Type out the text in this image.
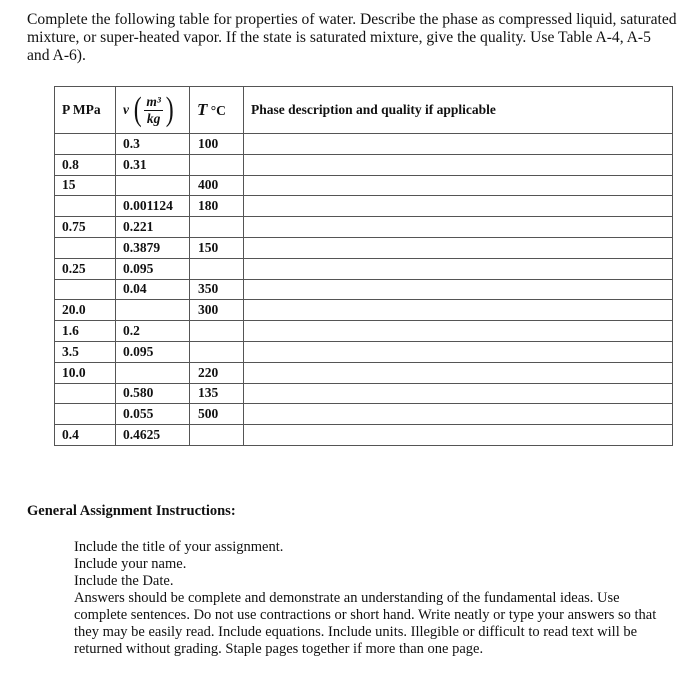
Complete the following table for properties of water. Describe the phase as compressed liquid, saturated mixture, or super-heated vapor. If the state is saturated mixture, give the quality. Use Table A-4, A-5 and A-6).

P MPa	v ( $\frac{\text{m³}}{kg}$ )	T °C	Phase description and quality if applicable
	0.3	100	
0.8	0.31		
15		400	
	0.001124	180	
0.75	0.221		
	0.3879	150	
0.25	0.095		
	0.04	350	
20.0		300	
1.6	0.2		
3.5	0.095		
10.0		220	
	0.580	135	
	0.055	500	
0.4	0.4625		

General Assignment Instructions:

Include the title of your assignment.
Include your name.
Include the Date.
Answers should be complete and demonstrate an understanding of the fundamental ideas. Use complete sentences. Do not use contractions or short hand. Write neatly or type your answers so that they may be easily read. Include equations. Include units. Illegible or difficult to read text will be returned without grading. Staple pages together if more than one page.
